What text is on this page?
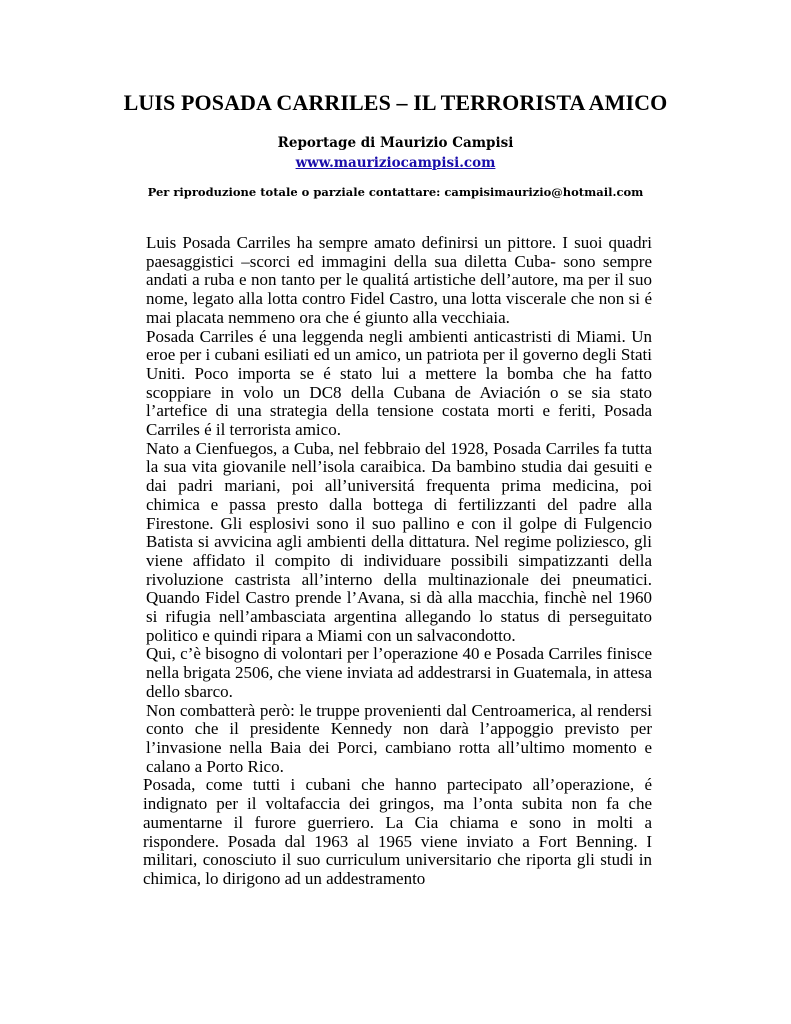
LUIS POSADA CARRILES – IL TERRORISTA AMICO
Reportage di Maurizio Campisi
www.mauriziocampisi.com
Per riproduzione totale o parziale contattare: campisimaurizio@hotmail.com

Luis Posada Carriles ha sempre amato definirsi un pittore. I suoi quadri paesaggistici –scorci ed immagini della sua diletta Cuba- sono sempre andati a ruba e non tanto per le qualitá artistiche dell’autore, ma per il suo nome, legato alla lotta contro Fidel Castro, una lotta viscerale che non si é mai placata nemmeno ora che é giunto alla vecchiaia.

Posada Carriles é una leggenda negli ambienti anticastristi di Miami. Un eroe per i cubani esiliati ed un amico, un patriota per il governo degli Stati Uniti. Poco importa se é stato lui a mettere la bomba che ha fatto scoppiare in volo un DC8 della Cubana de Aviación o se sia stato l’artefice di una strategia della tensione costata morti e feriti, Posada Carriles é il terrorista amico.

Nato a Cienfuegos, a Cuba, nel febbraio del 1928, Posada Carriles fa tutta la sua vita giovanile nell’isola caraibica. Da bambino studia dai gesuiti e dai padri mariani, poi all’universitá frequenta prima medicina, poi chimica e passa presto dalla bottega di fertilizzanti del padre alla Firestone. Gli esplosivi sono il suo pallino e con il golpe di Fulgencio Batista si avvicina agli ambienti della dittatura. Nel regime poliziesco, gli viene affidato il compito di individuare possibili simpatizzanti della rivoluzione castrista all’interno della multinazionale dei pneumatici. Quando Fidel Castro prende l’Avana, si dà alla macchia, finchè nel 1960 si rifugia nell’ambasciata argentina allegando lo status di perseguitato politico e quindi ripara a Miami con un salvacondotto.

Qui, c’è bisogno di volontari per l’operazione 40 e Posada Carriles finisce nella brigata 2506, che viene inviata ad addestrarsi in Guatemala, in attesa dello sbarco.

Non combatterà però: le truppe provenienti dal Centroamerica, al rendersi conto che il presidente Kennedy non darà l’appoggio previsto per l’invasione nella Baia dei Porci, cambiano rotta all’ultimo momento e calano a Porto Rico.

Posada, come tutti i cubani che hanno partecipato all’operazione, é indignato per il voltafaccia dei gringos, ma l’onta subita non fa che aumentarne il furore guerriero. La Cia chiama e sono in molti a rispondere. Posada dal 1963 al 1965 viene inviato a Fort Benning. I militari, conosciuto il suo curriculum universitario che riporta gli studi in chimica, lo dirigono ad un addestramento
